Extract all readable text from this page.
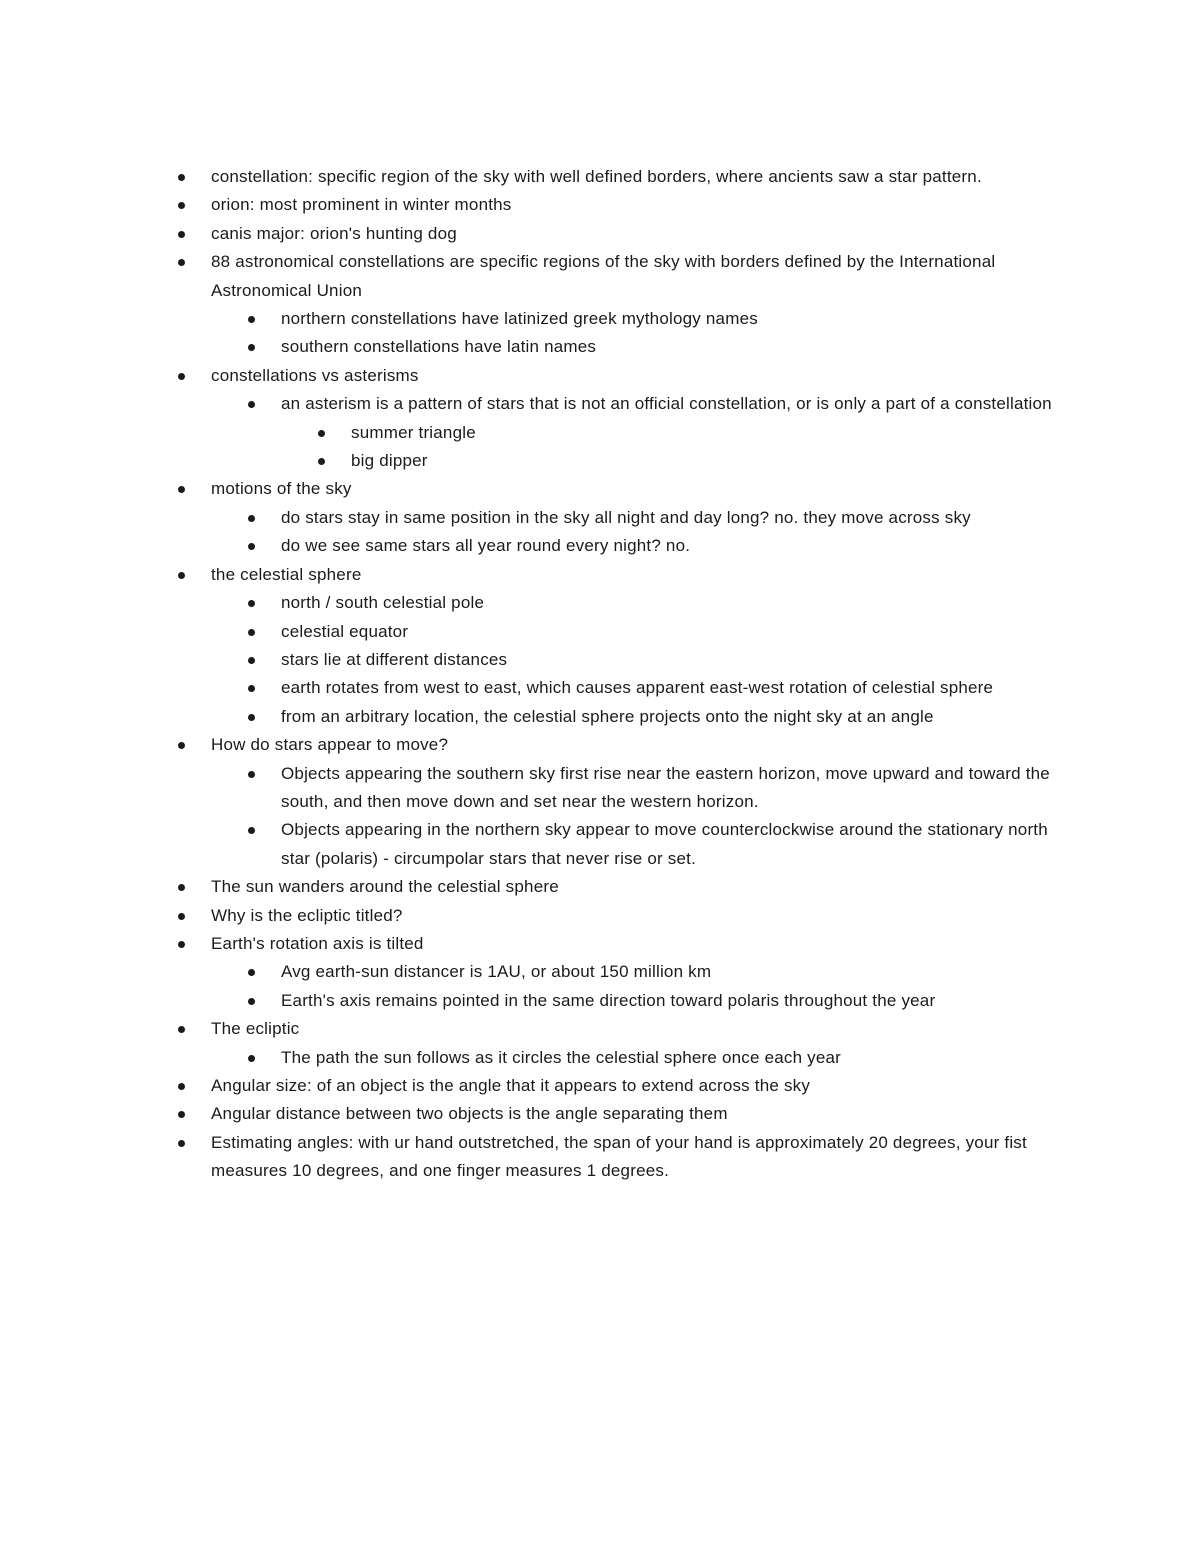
constellation: specific region of the sky with well defined borders, where ancients saw a star pattern.
orion: most prominent in winter months
canis major: orion's hunting dog
88 astronomical constellations are specific regions of the sky with borders defined by the International Astronomical Union
northern constellations have latinized greek mythology names
southern constellations have latin names
constellations vs asterisms
an asterism is a pattern of stars that is not an official constellation, or is only a part of a constellation
summer triangle
big dipper
motions of the sky
do stars stay in same position in the sky all night and day long? no. they move across sky
do we see same stars all year round every night? no.
the celestial sphere
north / south celestial pole
celestial equator
stars lie at different distances
earth rotates from west to east, which causes apparent east-west rotation of celestial sphere
from an arbitrary location, the celestial sphere projects onto the night sky at an angle
How do stars appear to move?
Objects appearing the southern sky first rise near the eastern horizon, move upward and toward the south, and then move down and set near the western horizon.
Objects appearing in the northern sky appear to move counterclockwise around the stationary north star (polaris) - circumpolar stars that never rise or set.
The sun wanders around the celestial sphere
Why is the ecliptic titled?
Earth's rotation axis is tilted
Avg earth-sun distancer is 1AU, or about 150 million km
Earth's axis remains pointed in the same direction toward polaris throughout the year
The ecliptic
The path the sun follows as it circles the celestial sphere once each year
Angular size: of an object is the angle that it appears to extend across the sky
Angular distance between two objects is the angle separating them
Estimating angles: with ur hand outstretched, the span of your hand is approximately 20 degrees, your fist measures 10 degrees, and one finger measures 1 degrees.
